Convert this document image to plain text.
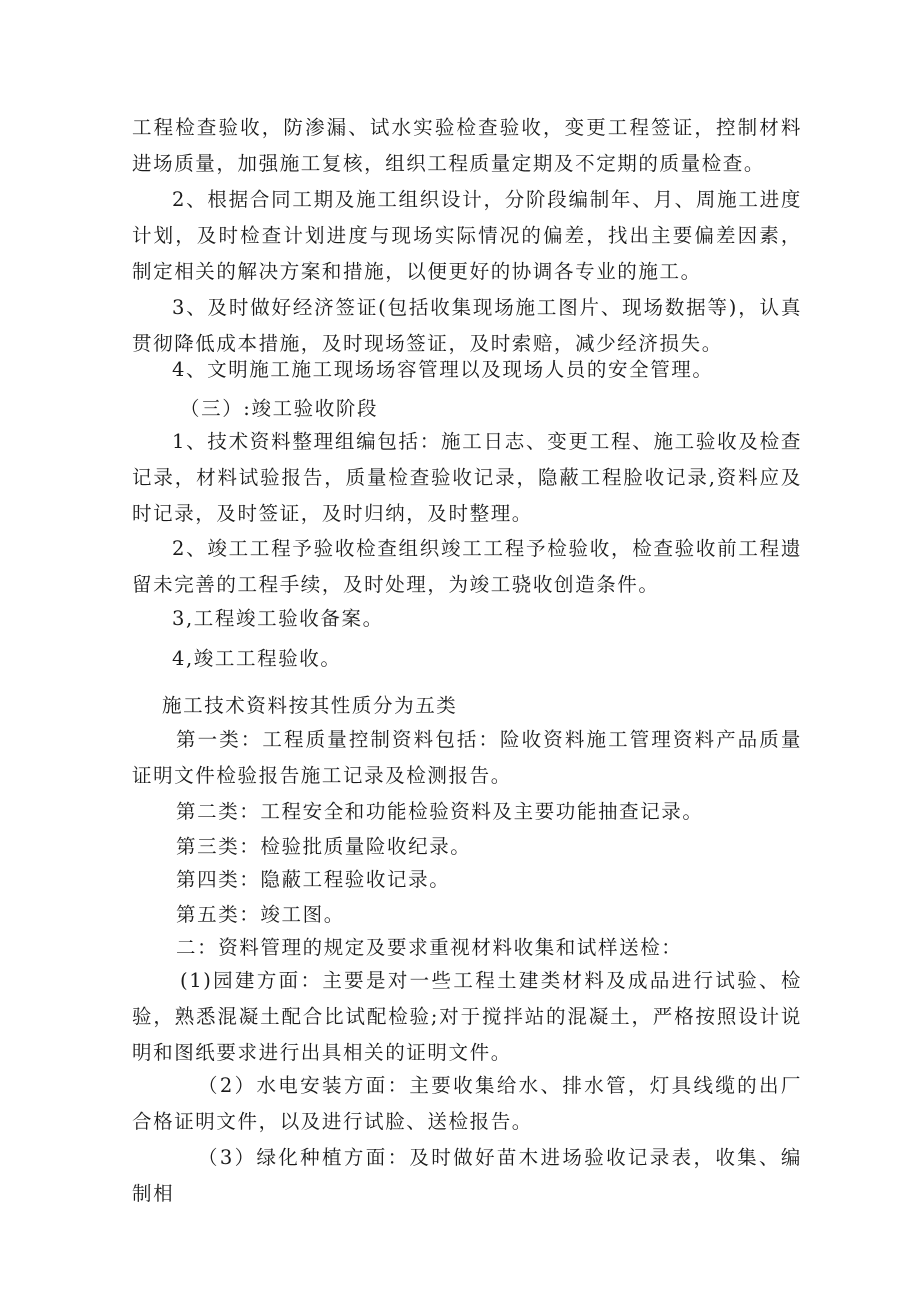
工程检查验收，防渗漏、试水实验检查验收，变更工程签证，控制材料进场质量，加强施工复核，组织工程质量定期及不定期的质量检查。

2、根据合同工期及施工组织设计，分阶段编制年、月、周施工进度计划，及时检查计划进度与现场实际情况的偏差，找出主要偏差因素，制定相关的解决方案和措施，以便更好的协调各专业的施工。

3、及时做好经济签证(包括收集现场施工图片、现场数据等)，认真贯彻降低成本措施，及时现场签证，及时索赔，减少经济损失。

4、文明施工施工现场场容管理以及现场人员的安全管理。

（三）:竣工验收阶段

1、技术资料整理组编包括：施工日志、变更工程、施工验收及检查记录，材料试验报告，质量检查验收记录，隐蔽工程脸收记录,资料应及时记录，及时签证，及时归纳，及时整理。

2、竣工工程予验收检查组织竣工工程予检验收，检查验收前工程遗留未完善的工程手续，及时处理，为竣工骁收创造条件。

3,工程竣工验收备案。

4,竣工工程验收。

施工技术资料按其性质分为五类

第一类：工程质量控制资料包括：险收资料施工管理资料产品质量证明文件检验报告施工记录及检测报告。

第二类：工程安全和功能检验资料及主要功能抽查记录。

第三类：检验批质量险收纪录。

第四类：隐蔽工程验收记录。

第五类：竣工图。

二：资料管理的规定及要求重视材料收集和试样送检：

(1)园建方面：主要是对一些工程土建类材料及成品进行试验、检验，熟悉混凝土配合比试配检验;对于搅拌站的混凝土，严格按照设计说明和图纸要求进行出具相关的证明文件。

（2）水电安装方面：主要收集给水、排水管，灯具线缆的出厂合格证明文件，以及进行试脸、送检报告。

（3）绿化种植方面：及时做好苗木进场验收记录表，收集、编制相
